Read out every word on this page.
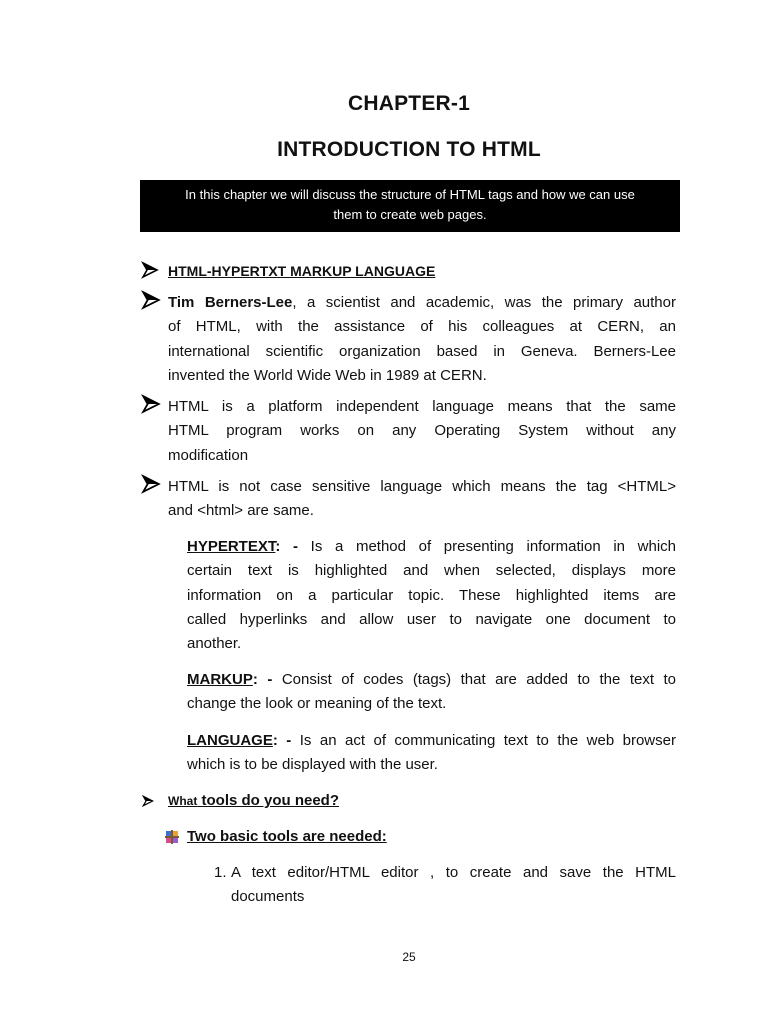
CHAPTER-1
INTRODUCTION TO HTML
In this chapter we will discuss the structure of HTML tags and how we can use
them to create web pages.
HTML-HYPERTXT MARKUP LANGUAGE
Tim Berners-Lee, a scientist and academic, was the primary author
of HTML, with the assistance of his colleagues at CERN, an
international scientific organization based in Geneva. Berners-Lee
invented the World Wide Web in 1989 at CERN.
HTML is a platform independent language means that the same
HTML program works on any Operating System without any
modification
HTML is not case sensitive language which means the tag <HTML>
and <html> are same.
HYPERTEXT: - Is a method of presenting information in which
certain text is highlighted and when selected, displays more
information on a particular topic. These highlighted items are
called hyperlinks and allow user to navigate one document to
another.
MARKUP: - Consist of codes (tags) that are added to the text to
change the look or meaning of the text.
LANGUAGE: - Is an act of communicating text to the web browser
which is to be displayed with the user.
What tools do you need?
Two basic tools are needed:
1. A text editor/HTML editor , to create and save the HTML
documents
25
